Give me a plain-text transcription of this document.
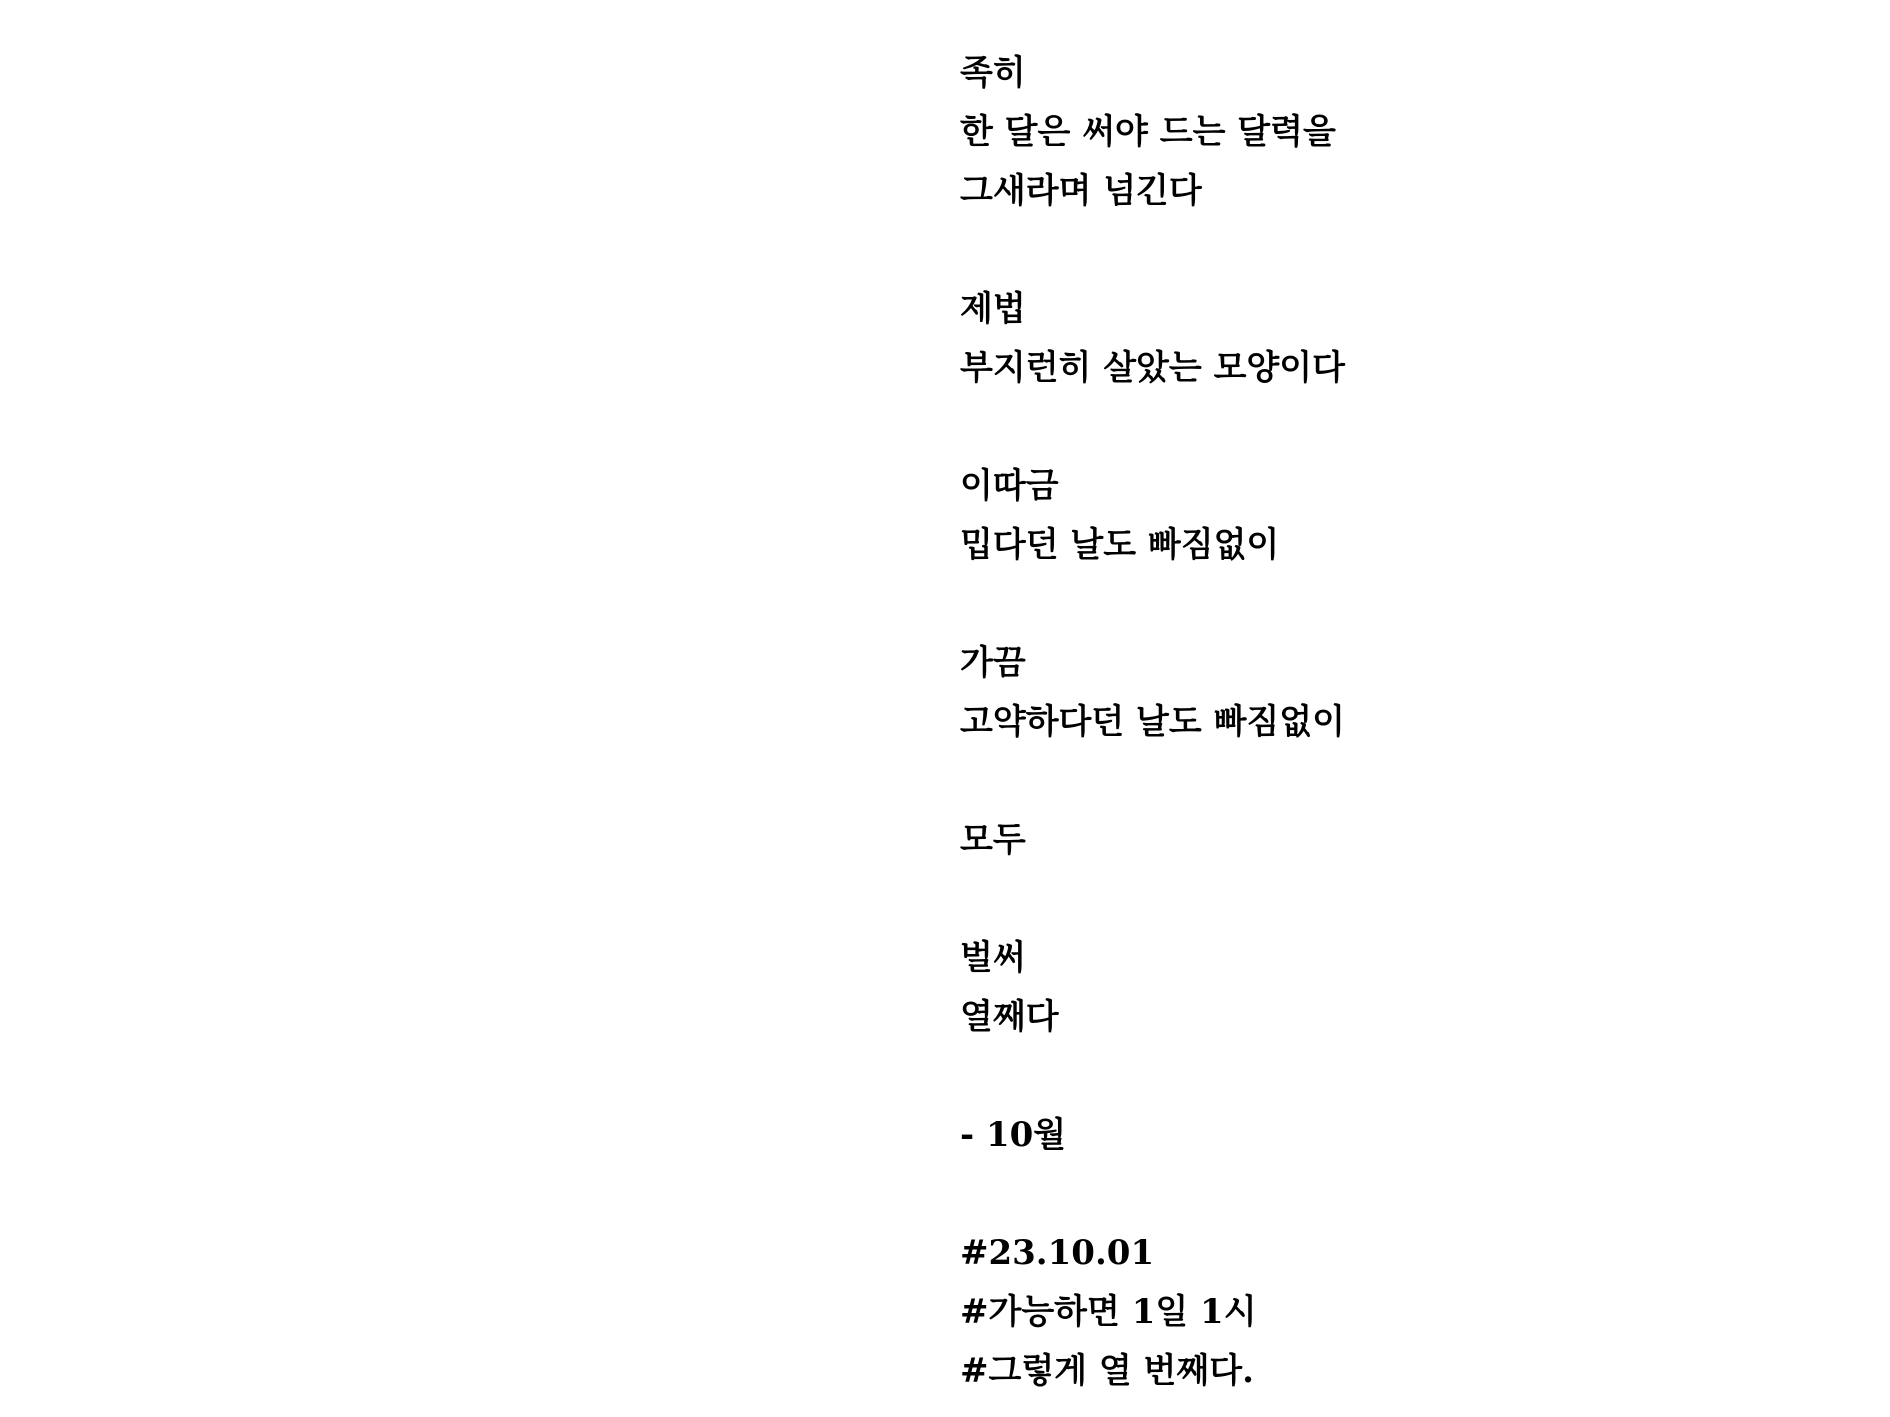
족히
한 달은 써야 드는 달력을
그새라며 넘긴다
제법
부지런히 살았는 모양이다
이따금
밉다던 날도 빠짐없이
가끔
고약하다던 날도 빠짐없이
모두
벌써
열째다
- 10월
#23.10.01
#가능하면 1일 1시
#그렇게 열 번째다.
